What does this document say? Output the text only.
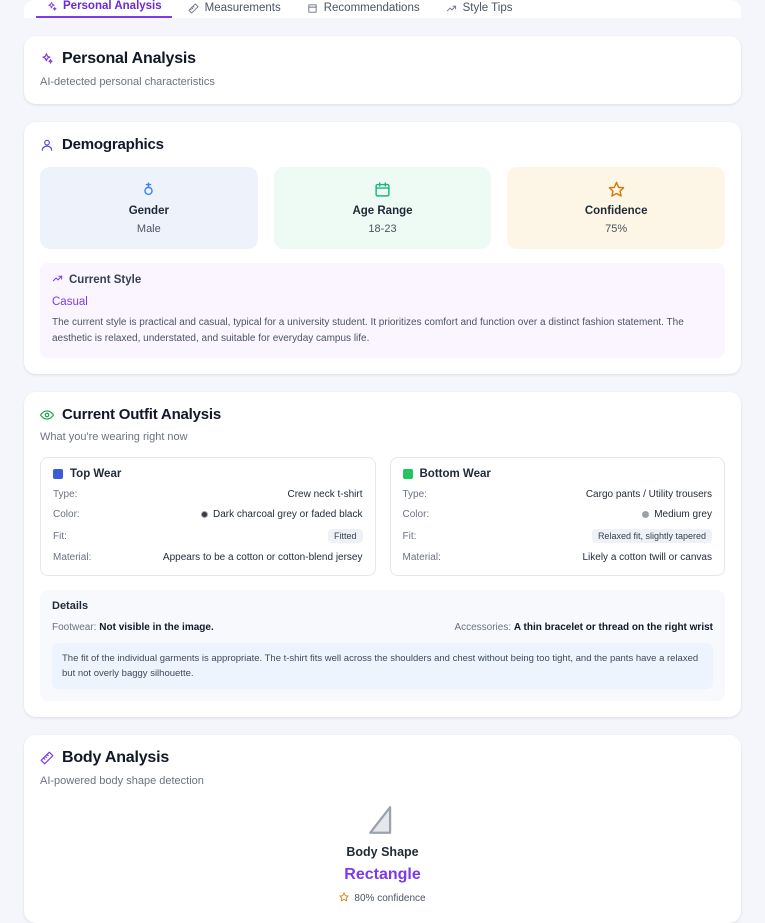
Personal Analysis	Measurements	Recommendations	Style Tips
Personal Analysis
AI-detected personal characteristics
Demographics
Gender
Male
Age Range
18-23
Confidence
75%
Current Style
Casual
The current style is practical and casual, typical for a university student. It prioritizes comfort and function over a distinct fashion statement. The aesthetic is relaxed, understated, and suitable for everyday campus life.
Current Outfit Analysis
What you're wearing right now
Top Wear
Type:	Crew neck t-shirt
Color:	Dark charcoal grey or faded black
Fit:	Fitted
Material:	Appears to be a cotton or cotton-blend jersey
Bottom Wear
Type:	Cargo pants / Utility trousers
Color:	Medium grey
Fit:	Relaxed fit, slightly tapered
Material:	Likely a cotton twill or canvas
Details
Footwear: Not visible in the image.	Accessories: A thin bracelet or thread on the right wrist
The fit of the individual garments is appropriate. The t-shirt fits well across the shoulders and chest without being too tight, and the pants have a relaxed but not overly baggy silhouette.
Body Analysis
AI-powered body shape detection
Body Shape
Rectangle
80% confidence
